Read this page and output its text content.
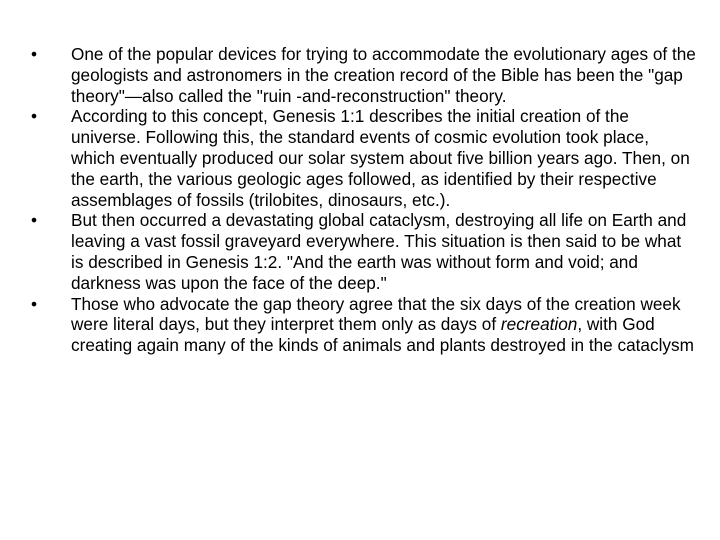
• One of the popular devices for trying to accommodate the evolutionary ages of the geologists and astronomers in the creation record of the Bible has been the "gap theory"—also called the "ruin -and-reconstruction" theory.
• According to this concept, Genesis 1:1 describes the initial creation of the universe. Following this, the standard events of cosmic evolution took place, which eventually produced our solar system about five billion years ago. Then, on the earth, the various geologic ages followed, as identified by their respective assemblages of fossils (trilobites, dinosaurs, etc.).
• But then occurred a devastating global cataclysm, destroying all life on Earth and leaving a vast fossil graveyard everywhere. This situation is then said to be what is described in Genesis 1:2. "And the earth was without form and void; and darkness was upon the face of the deep."
• Those who advocate the gap theory agree that the six days of the creation week were literal days, but they interpret them only as days of recreation, with God creating again many of the kinds of animals and plants destroyed in the cataclysm
